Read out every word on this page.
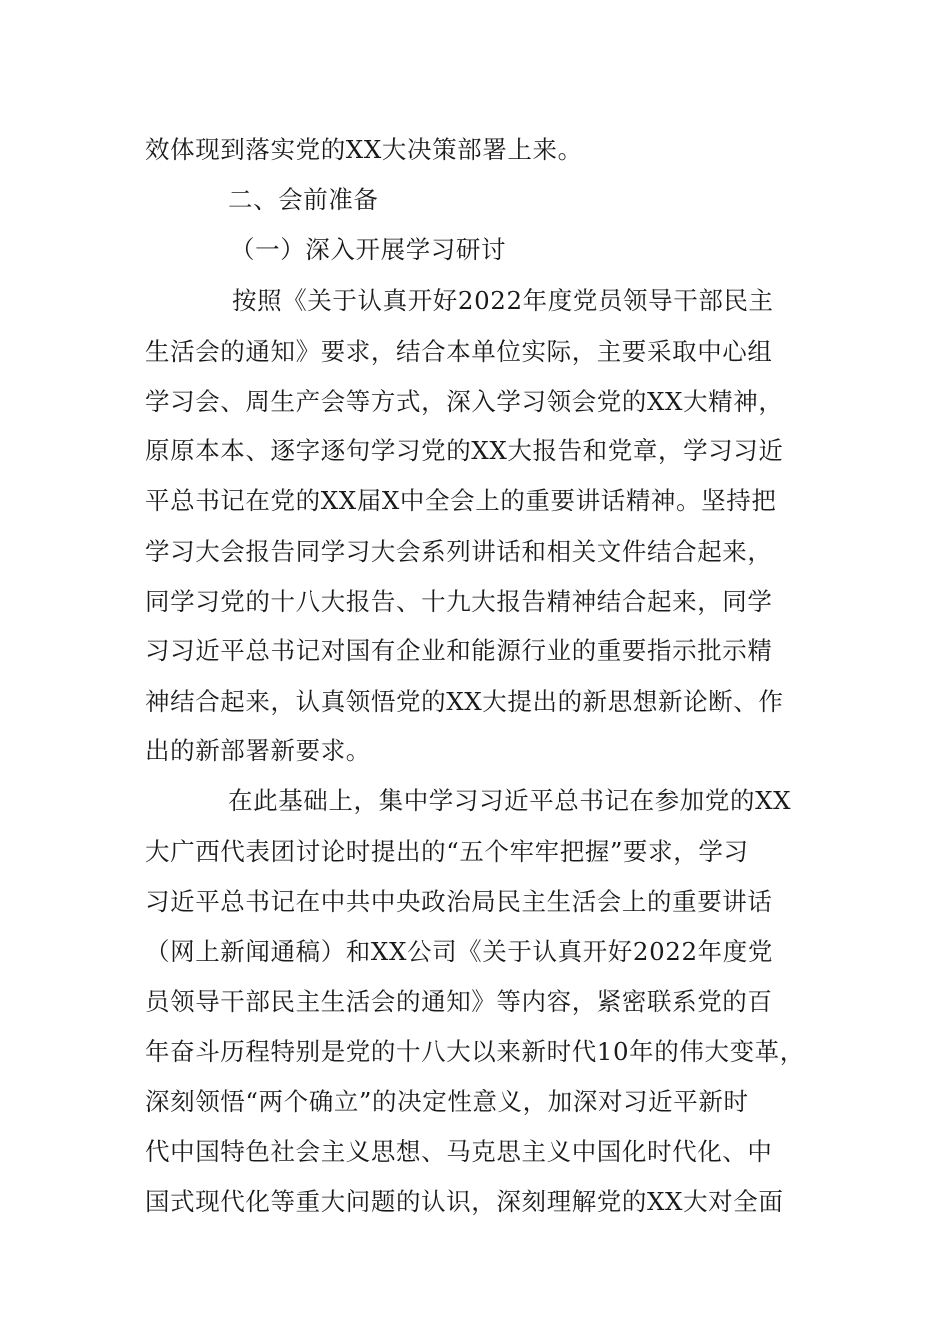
效体现到落实党的XX大决策部署上来。
二、会前准备
（一）深入开展学习研讨
按照《关于认真开好2022年度党员领导干部民主
生活会的通知》要求，结合本单位实际，主要采取中心组
学习会、周生产会等方式，深入学习领会党的XX大精神，
原原本本、逐字逐句学习党的XX大报告和党章，学习习近
平总书记在党的XX届X中全会上的重要讲话精神。坚持把
学习大会报告同学习大会系列讲话和相关文件结合起来，
同学习党的十八大报告、十九大报告精神结合起来，同学
习习近平总书记对国有企业和能源行业的重要指示批示精
神结合起来，认真领悟党的XX大提出的新思想新论断、作
出的新部署新要求。
在此基础上，集中学习习近平总书记在参加党的XX
大广西代表团讨论时提出的“五个牢牢把握”要求，学习
习近平总书记在中共中央政治局民主生活会上的重要讲话
（网上新闻通稿）和XX公司《关于认真开好2022年度党
员领导干部民主生活会的通知》等内容，紧密联系党的百
年奋斗历程特别是党的十八大以来新时代10年的伟大变革，
深刻领悟“两个确立”的决定性意义，加深对习近平新时
代中国特色社会主义思想、马克思主义中国化时代化、中
国式现代化等重大问题的认识，深刻理解党的XX大对全面
